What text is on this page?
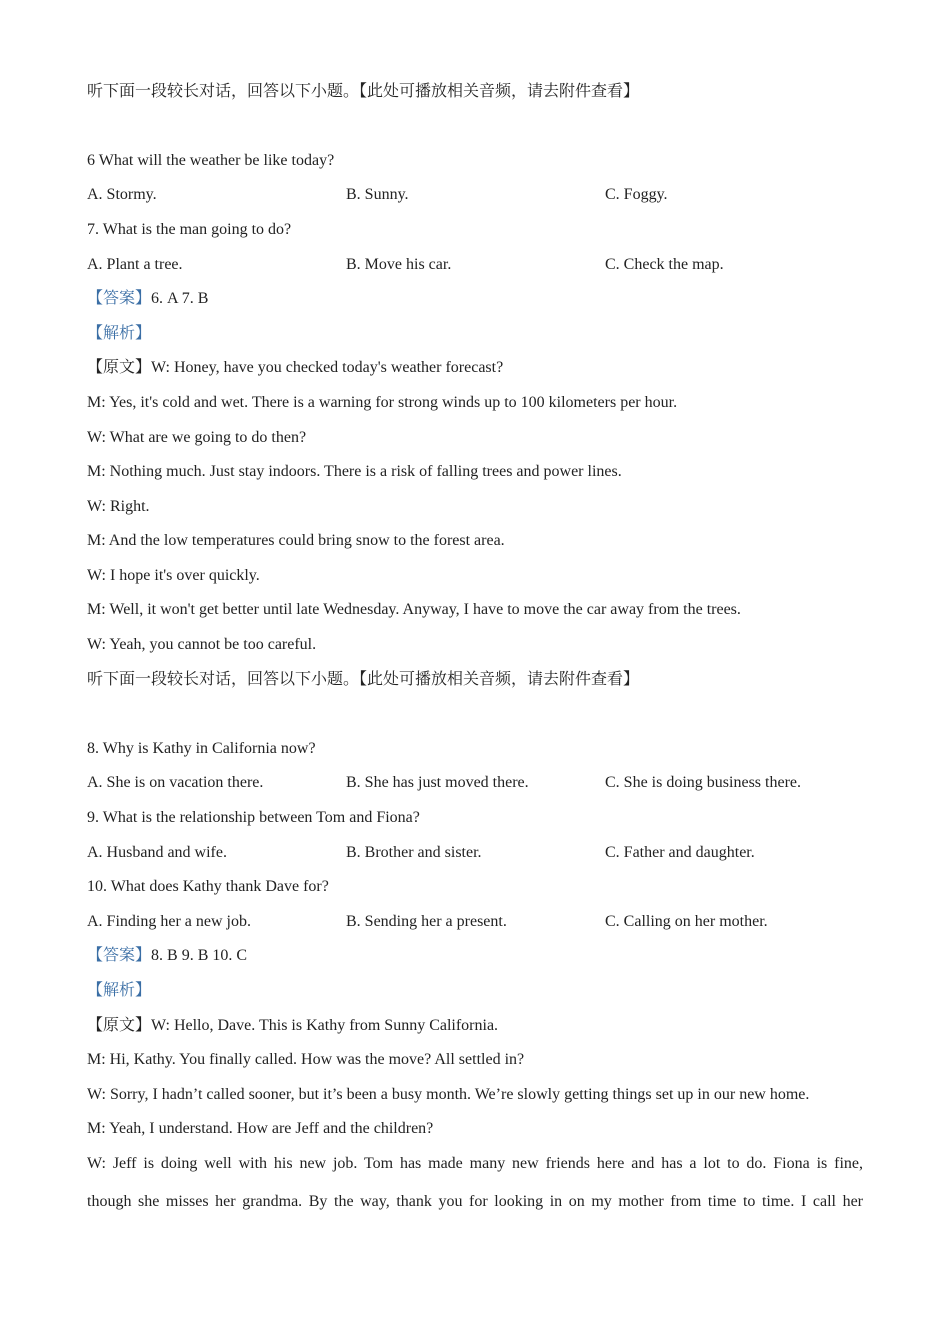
听下面一段较长对话，回答以下小题。【此处可播放相关音频，请去附件查看】
6 What will the weather be like today?
A. Stormy.	B. Sunny.	C. Foggy.
7. What is the man going to do?
A. Plant a tree.	B. Move his car.	C. Check the map.
【答案】6. A 7. B
【解析】
【原文】W: Honey, have you checked today's weather forecast?
M: Yes, it's cold and wet. There is a warning for strong winds up to 100 kilometers per hour.
W: What are we going to do then?
M: Nothing much. Just stay indoors. There is a risk of falling trees and power lines.
W: Right.
M: And the low temperatures could bring snow to the forest area.
W: I hope it's over quickly.
M: Well, it won't get better until late Wednesday. Anyway, I have to move the car away from the trees.
W: Yeah, you cannot be too careful.
听下面一段较长对话，回答以下小题。【此处可播放相关音频，请去附件查看】
8. Why is Kathy in California now?
A. She is on vacation there.	B. She has just moved there.	C. She is doing business there.
9. What is the relationship between Tom and Fiona?
A. Husband and wife.	B. Brother and sister.	C. Father and daughter.
10. What does Kathy thank Dave for?
A. Finding her a new job.	B. Sending her a present.	C. Calling on her mother.
【答案】8. B 9. B 10. C
【解析】
【原文】W: Hello, Dave. This is Kathy from Sunny California.
M: Hi, Kathy. You finally called. How was the move? All settled in?
W: Sorry, I hadn’t called sooner, but it’s been a busy month. We’re slowly getting things set up in our new home.
M: Yeah, I understand. How are Jeff and the children?
W: Jeff is doing well with his new job. Tom has made many new friends here and has a lot to do. Fiona is fine,
though she misses her grandma. By the way, thank you for looking in on my mother from time to time. I call her
